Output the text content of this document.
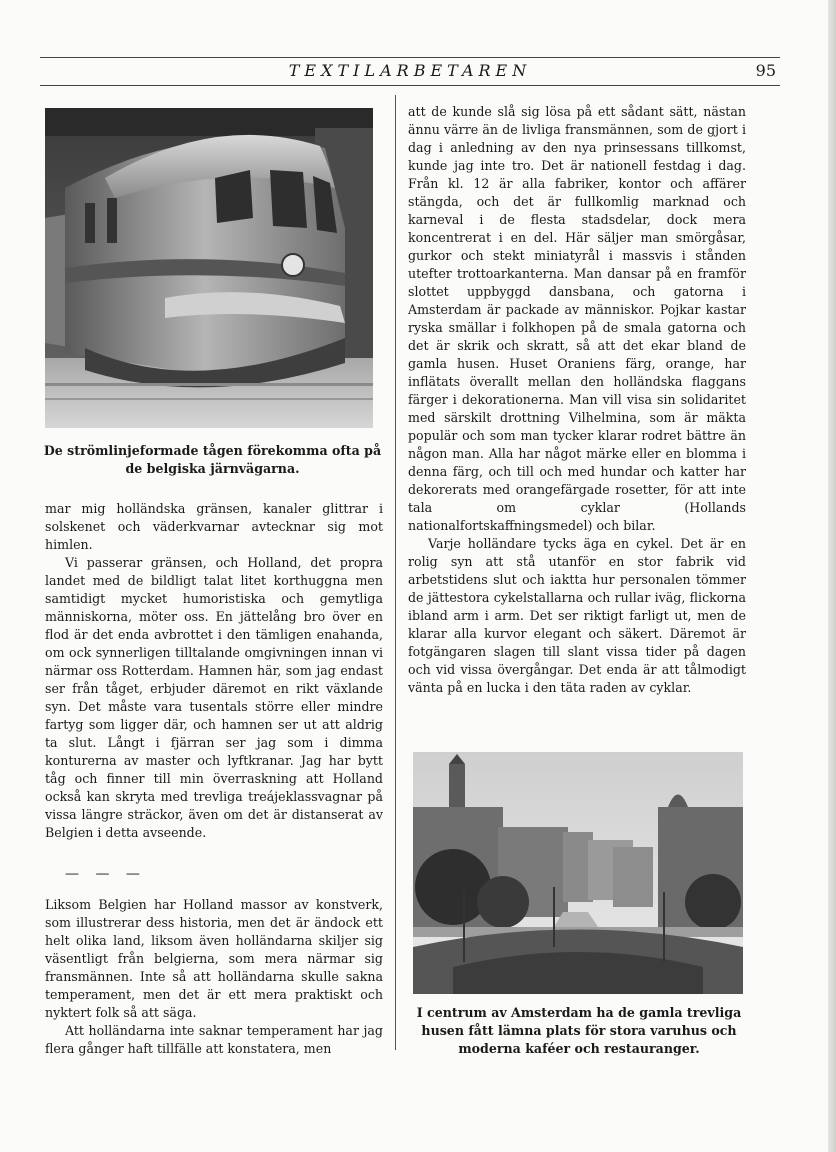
TEXTILARBETAREN	95
De strömlinjeformade tågen förekomma ofta på de belgiska järnvägarna.

mar mig holländska gränsen, kanaler glittrar i solskenet och väderkvarnar avtecknar sig mot himlen.

Vi passerar gränsen, och Holland, det propra landet med de bildligt talat litet korthuggna men samtidigt mycket humoristiska och gemytliga människorna, möter oss. En jättelång bro över en flod är det enda avbrottet i den tämligen enahanda, om ock synnerligen tilltalande omgivningen innan vi närmar oss Rotterdam. Hamnen här, som jag endast ser från tåget, erbjuder däremot en rikt växlande syn. Det måste vara tusentals större eller mindre fartyg som ligger där, och hamnen ser ut att aldrig ta slut. Långt i fjärran ser jag som i dimma konturerna av master och lyftkranar. Jag har bytt tåg och finner till min överraskning att Holland också kan skryta med trevliga treájeklassvagnar på vissa längre sträckor, även om det är distanserat av Belgien i detta avseende.

— — —

Liksom Belgien har Holland massor av konstverk, som illustrerar dess historia, men det är ändock ett helt olika land, liksom även holländarna skiljer sig väsentligt från belgierna, som mera närmar sig fransmännen. Inte så att holländarna skulle sakna temperament, men det är ett mera praktiskt och nyktert folk så att säga.

Att holländarna inte saknar temperament har jag flera gånger haft tillfälle att konstatera, men

att de kunde slå sig lösa på ett sådant sätt, nästan ännu värre än de livliga fransmännen, som de gjort i dag i anledning av den nya prinsessans tillkomst, kunde jag inte tro. Det är nationell festdag i dag. Från kl. 12 är alla fabriker, kontor och affärer stängda, och det är fullkomlig marknad och karneval i de flesta stadsdelar, dock mera koncentrerat i en del. Här säljer man smörgåsar, gurkor och stekt miniatyrål i massvis i stånden utefter trottoarkanterna. Man dansar på en framför slottet uppbyggd dansbana, och gatorna i Amsterdam är packade av människor. Pojkar kastar ryska smällar i folkhopen på de smala gatorna och det är skrik och skratt, så att det ekar bland de gamla husen. Huset Oraniens färg, orange, har inflätats överallt mellan den holländska flaggans färger i dekorationerna. Man vill visa sin solidaritet med särskilt drottning Vilhelmina, som är mäkta populär och som man tycker klarar rodret bättre än någon man. Alla har något märke eller en blomma i denna färg, och till och med hundar och katter har dekorerats med orangefärgade rosetter, för att inte tala om cyklar (Hollands nationalfortskaffningsmedel) och bilar.

Varje holländare tycks äga en cykel. Det är en rolig syn att stå utanför en stor fabrik vid arbetstidens slut och iakttа hur personalen tömmer de jättestora cykelstallarna och rullar iväg, flickorna ibland arm i arm. Det ser riktigt farligt ut, men de klarar alla kurvor elegant och säkert. Däremot är fotgängaren slagen till slant vissa tider på dagen och vid vissa övergångar. Det enda är att tålmodigt vänta på en lucka i den täta raden av cyklar.

I centrum av Amsterdam ha de gamla trevliga husen fått lämna plats för stora varuhus och moderna kaféer och restauranger.
